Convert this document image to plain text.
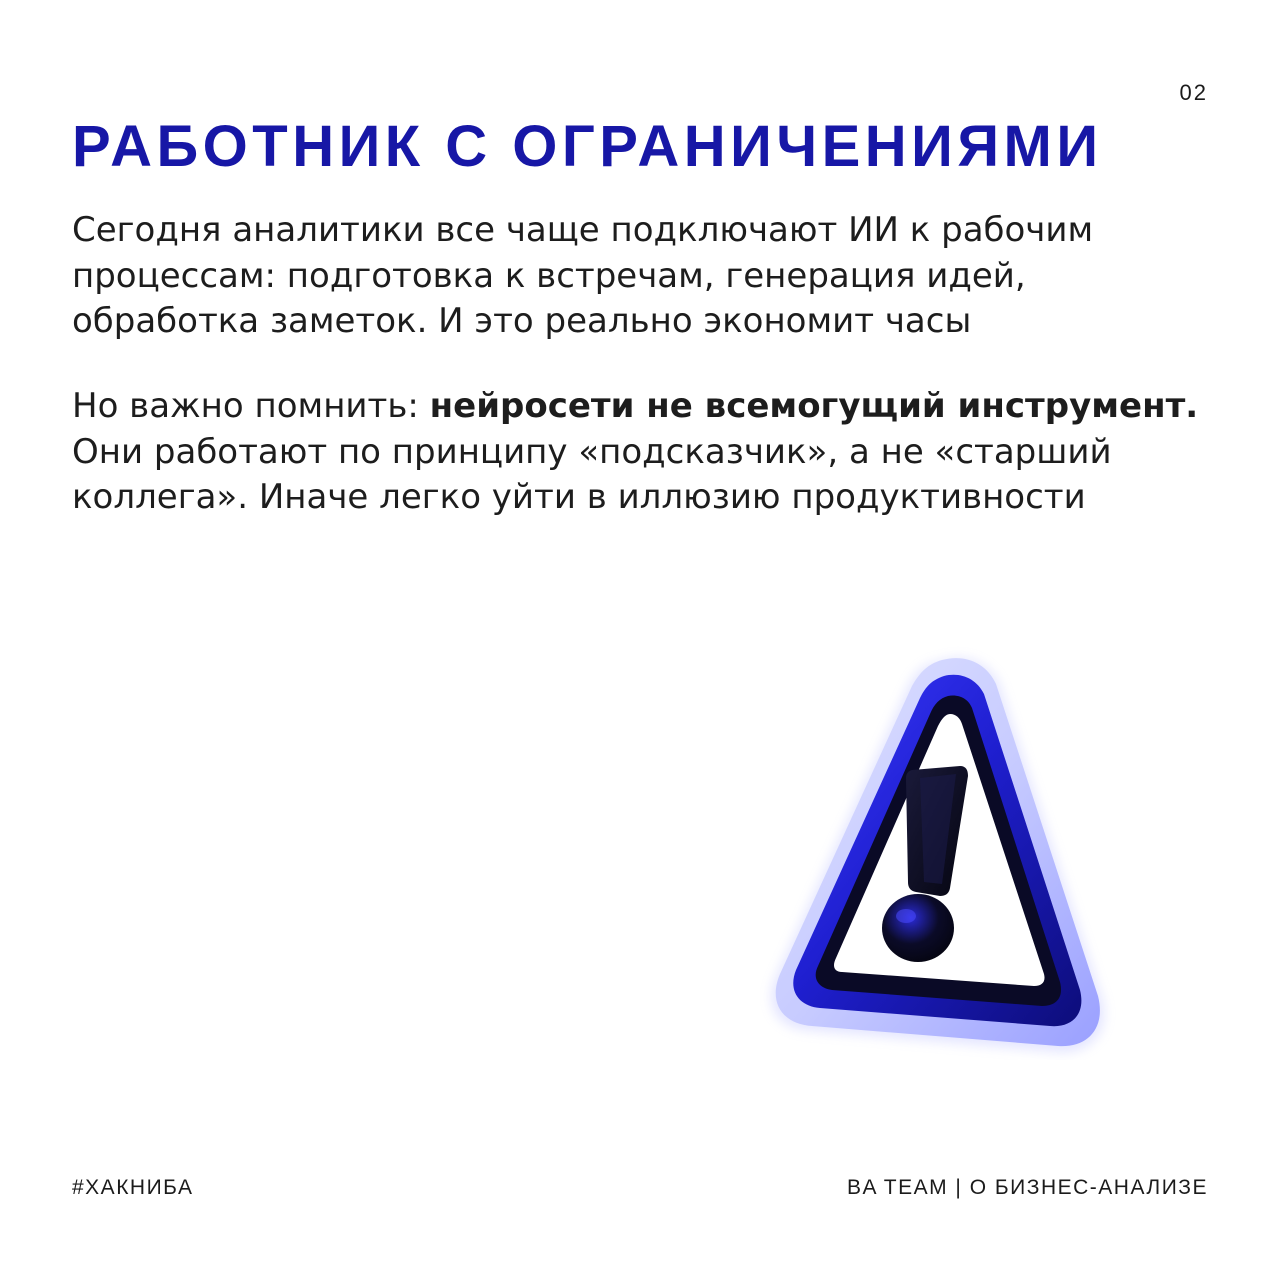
02
РАБОТНИК С ОГРАНИЧЕНИЯМИ

Сегодня аналитики все чаще подключают ИИ к рабочим процессам: подготовка к встречам, генерация идей, обработка заметок. И это реально экономит часы

Но важно помнить: нейросети не всемогущий инструмент. Они работают по принципу «подсказчик», а не «старший коллега». Иначе легко уйти в иллюзию продуктивности

#ХАКНИБА	BA TEAM | О БИЗНЕС-АНАЛИЗЕ
